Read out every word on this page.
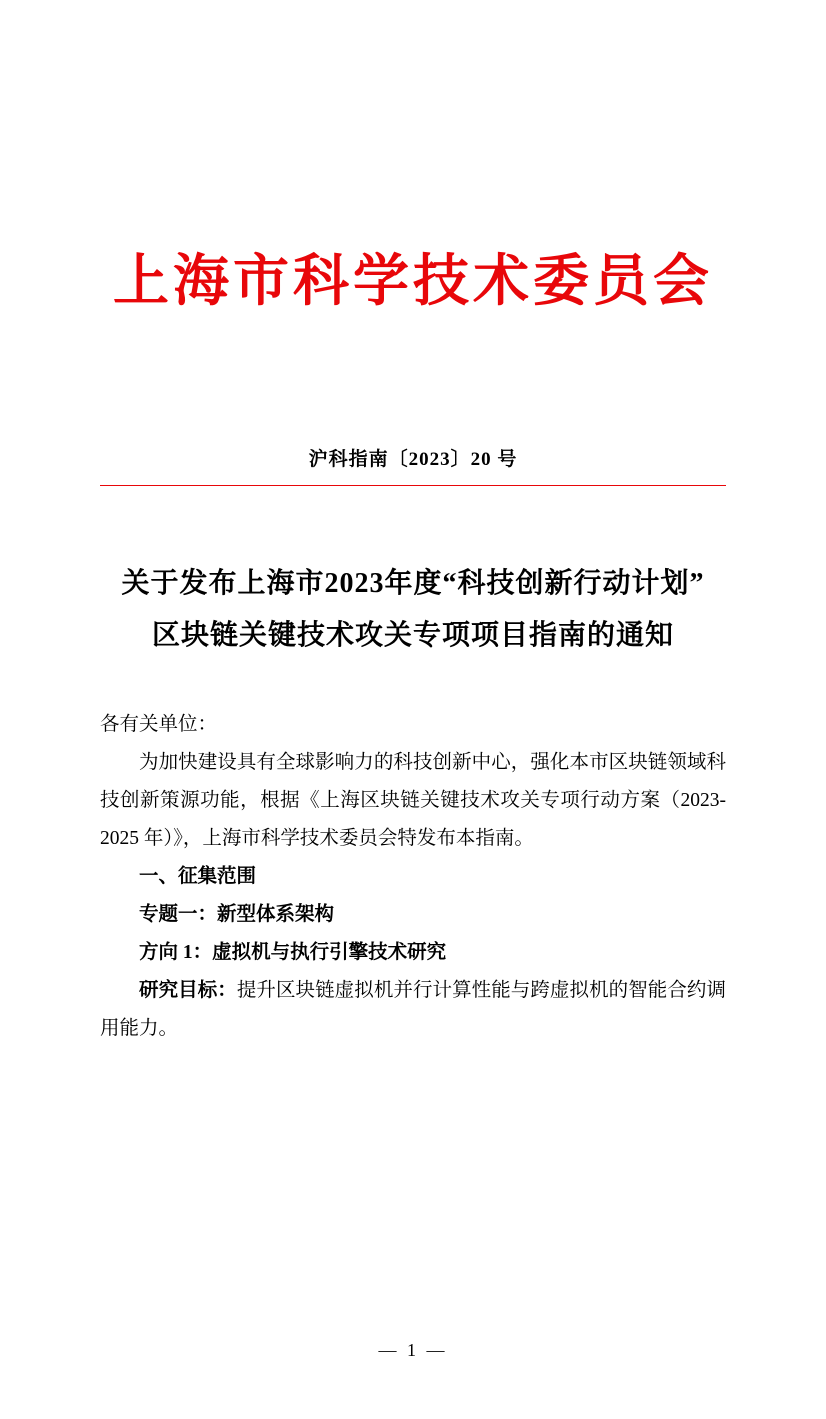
上海市科学技术委员会
沪科指南〔2023〕20 号
关于发布上海市2023年度“科技创新行动计划”
区块链关键技术攻关专项项目指南的通知

各有关单位：

为加快建设具有全球影响力的科技创新中心，强化本市区块链领域科技创新策源功能，根据《上海区块链关键技术攻关专项行动方案（2023-2025 年）》，上海市科学技术委员会特发布本指南。

一、征集范围

专题一：新型体系架构

方向 1：虚拟机与执行引擎技术研究

研究目标：提升区块链虚拟机并行计算性能与跨虚拟机的智能合约调用能力。

— 1 —
